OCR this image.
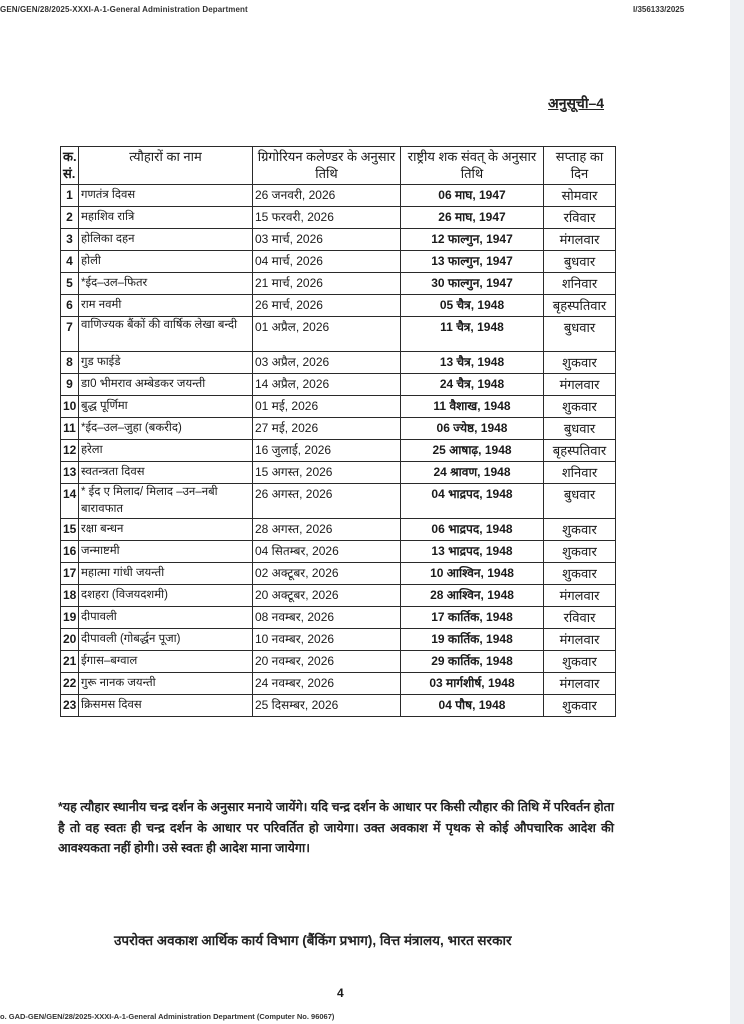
GEN/GEN/28/2025-XXXI-A-1-General Administration Department	I/356133/2025
अनुसूची–4
क. सं.	त्यौहारों का नाम	ग्रिगोरियन कलेण्डर के अनुसार तिथि	राष्ट्रीय शक संवत् के अनुसार तिथि	सप्ताह का दिन
1	गणतंत्र दिवस	26 जनवरी, 2026	06 माघ, 1947	सोमवार
2	महाशिव रात्रि	15 फरवरी, 2026	26 माघ, 1947	रविवार
3	होलिका दहन	03 मार्च, 2026	12 फाल्गुन, 1947	मंगलवार
4	होली	04 मार्च, 2026	13 फाल्गुन, 1947	बुधवार
5	*ईद–उल–फितर	21 मार्च, 2026	30 फाल्गुन, 1947	शनिवार
6	राम नवमी	26 मार्च, 2026	05 चैत्र, 1948	बृहस्पतिवार
7	वाणिज्यक बैंकों की वार्षिक लेखा बन्दी	01 अप्रैल, 2026	11 चैत्र, 1948	बुधवार
8	गुड फाईडे	03 अप्रैल, 2026	13 चैत्र, 1948	शुकवार
9	डा0 भीमराव अम्बेडकर जयन्ती	14 अप्रैल, 2026	24 चैत्र, 1948	मंगलवार
10	बुद्ध पूर्णिमा	01 मई, 2026	11 वैशाख, 1948	शुकवार
11	*ईद–उल–जुहा (बकरीद)	27 मई, 2026	06 ज्येष्ठ, 1948	बुधवार
12	हरेला	16 जुलाई, 2026	25 आषाढ़, 1948	बृहस्पतिवार
13	स्वतन्त्रता दिवस	15 अगस्त, 2026	24 श्रावण, 1948	शनिवार
14	* ईद ए मिलाद/ मिलाद –उन–नबी बारावफात	26 अगस्त, 2026	04 भाद्रपद, 1948	बुधवार
15	रक्षा बन्धन	28 अगस्त, 2026	06 भाद्रपद, 1948	शुकवार
16	जन्माष्टमी	04 सितम्बर, 2026	13 भाद्रपद, 1948	शुकवार
17	महात्मा गांधी जयन्ती	02 अक्टूबर, 2026	10 आश्विन, 1948	शुकवार
18	दशहरा (विजयदशमी)	20 अक्टूबर, 2026	28 आश्विन, 1948	मंगलवार
19	दीपावली	08 नवम्बर, 2026	17 कार्तिक, 1948	रविवार
20	दीपावली (गोबर्द्धन पूजा)	10 नवम्बर, 2026	19 कार्तिक, 1948	मंगलवार
21	ईगास–बग्वाल	20 नवम्बर, 2026	29 कार्तिक, 1948	शुकवार
22	गुरू नानक जयन्ती	24 नवम्बर, 2026	03 मार्गशीर्ष, 1948	मंगलवार
23	क्रिसमस दिवस	25 दिसम्बर, 2026	04 पौष, 1948	शुकवार
*यह त्यौहार स्थानीय चन्द्र दर्शन के अनुसार मनाये जायेंगे। यदि चन्द्र दर्शन के आधार पर किसी त्यौहार की तिथि में परिवर्तन होता है तो वह स्वतः ही चन्द्र दर्शन के आधार पर परिवर्तित हो जायेगा। उक्त अवकाश में पृथक से कोई औपचारिक आदेश की आवश्यकता नहीं होगी। उसे स्वतः ही आदेश माना जायेगा।
उपरोक्त अवकाश आर्थिक कार्य विभाग (बैंकिंग प्रभाग), वित्त मंत्रालय, भारत सरकार
4
o. GAD-GEN/GEN/28/2025-XXXI-A-1-General Administration Department (Computer No. 96067)
